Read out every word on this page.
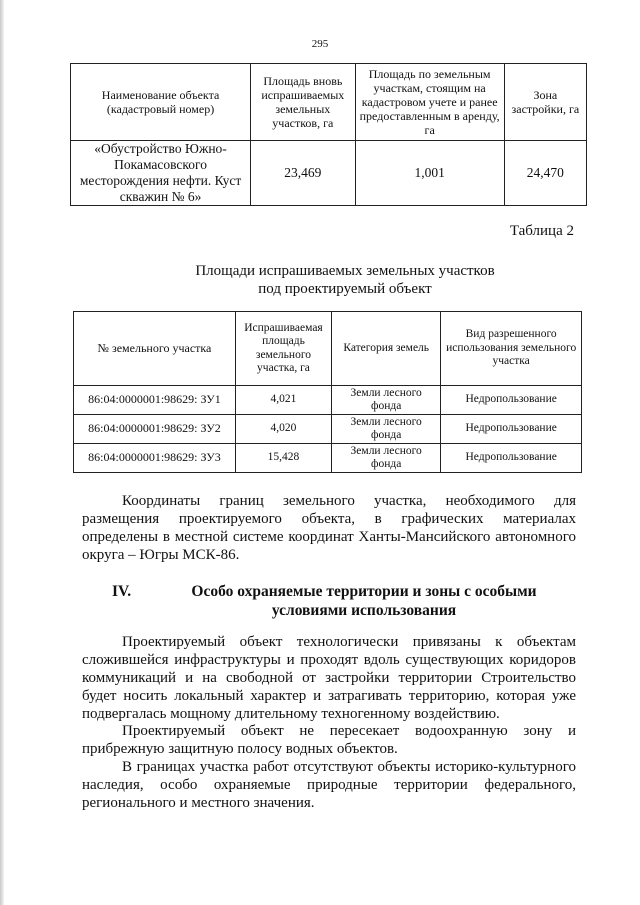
295
Наименование объекта (кадастровый номер)	Площадь вновь испрашиваемых земельных участков, га	Площадь по земельным участкам, стоящим на кадастровом учете и ранее предоставленным в аренду, га	Зона застройки, га
«Обустройство Южно-Покамасовского месторождения нефти. Куст скважин № 6»	23,469	1,001	24,470
Таблица 2
Площади испрашиваемых земельных участков
под проектируемый объект
№ земельного участка	Испрашиваемая площадь земельного участка, га	Категория земель	Вид разрешенного использования земельного участка
86:04:0000001:98629: ЗУ1	4,021	Земли лесного фонда	Недропользование
86:04:0000001:98629: ЗУ2	4,020	Земли лесного фонда	Недропользование
86:04:0000001:98629: ЗУ3	15,428	Земли лесного фонда	Недропользование

Координаты границ земельного участка, необходимого для размещения проектируемого объекта, в графических материалах определены в местной системе координат Ханты-Мансийского автономного округа – Югры МСК-86.

IV.	Особо охраняемые территории и зоны с особыми условиями использования

Проектируемый объект технологически привязаны к объектам сложившейся инфраструктуры и проходят вдоль существующих коридоров коммуникаций и на свободной от застройки территории Строительство будет носить локальный характер и затрагивать территорию, которая уже подвергалась мощному длительному техногенному воздействию.

Проектируемый объект не пересекает водоохранную зону и прибрежную защитную полосу водных объектов.

В границах участка работ отсутствуют объекты историко-культурного наследия, особо охраняемые природные территории федерального, регионального и местного значения.
